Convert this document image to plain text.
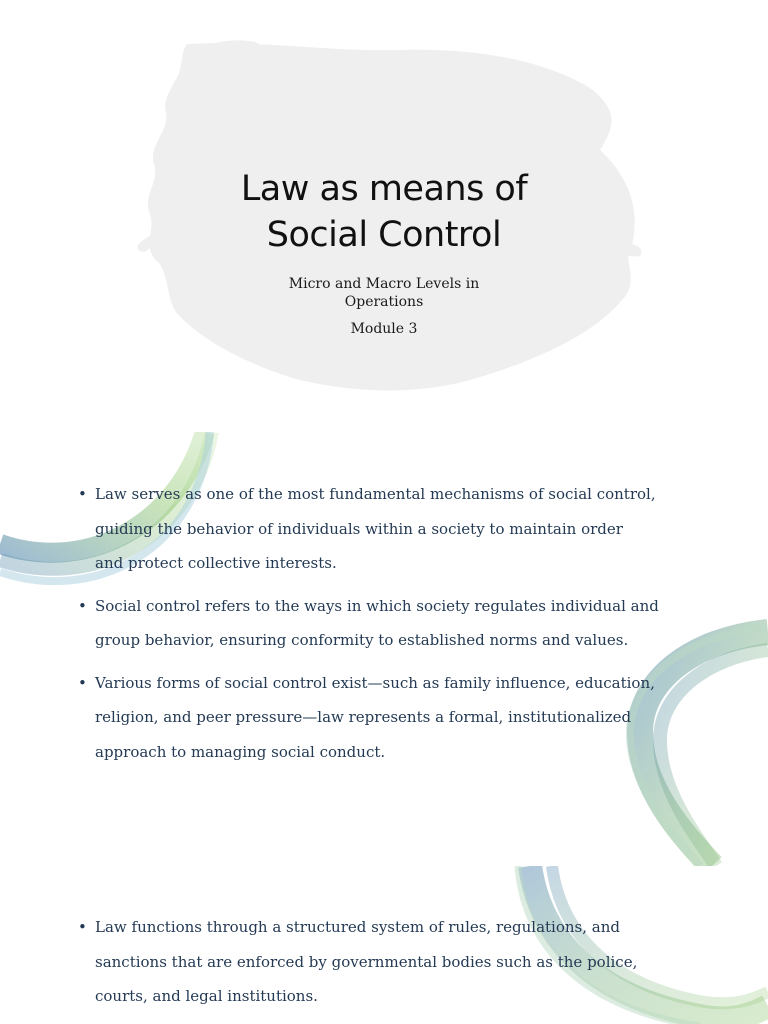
Law as means of
Social Control

Micro and Macro Levels in
Operations

Module 3

• Law serves as one of the most fundamental mechanisms of social control,
guiding the behavior of individuals within a society to maintain order
and protect collective interests.
• Social control refers to the ways in which society regulates individual and
group behavior, ensuring conformity to established norms and values.
• Various forms of social control exist—such as family influence, education,
religion, and peer pressure—law represents a formal, institutionalized
approach to managing social conduct.
• Law functions through a structured system of rules, regulations, and
sanctions that are enforced by governmental bodies such as the police,
courts, and legal institutions.
